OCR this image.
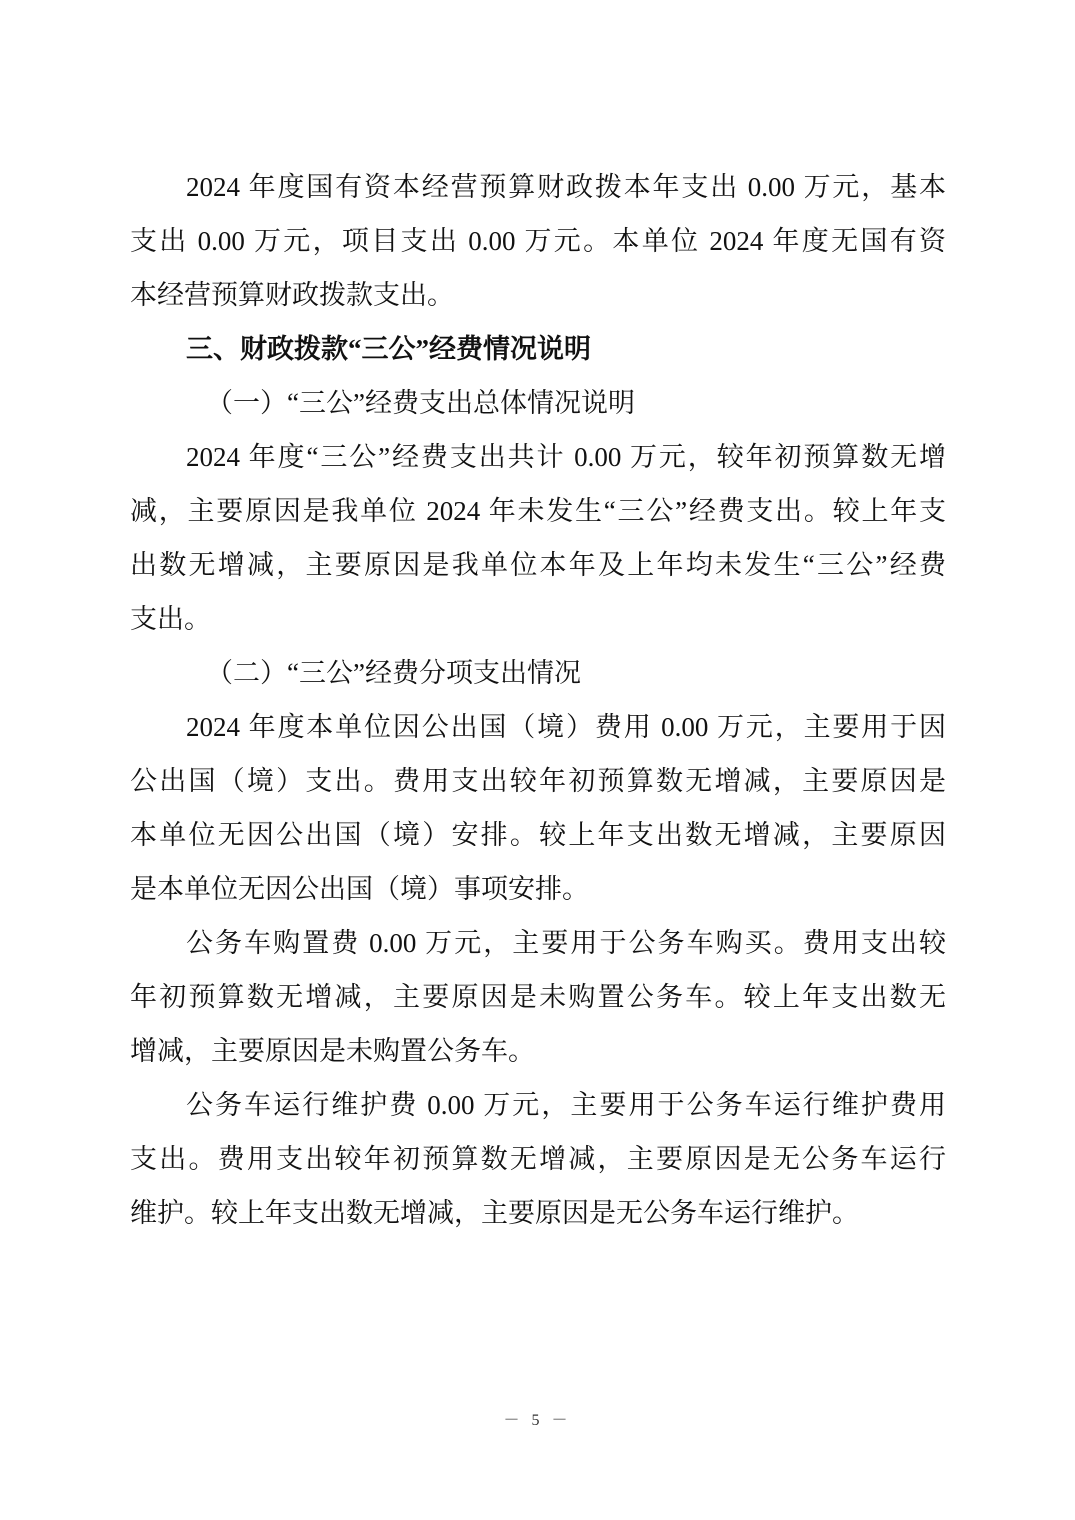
2024 年度国有资本经营预算财政拨本年支出 0.00 万元，基本
支出 0.00 万元，项目支出 0.00 万元。本单位 2024 年度无国有资
本经营预算财政拨款支出。
三、财政拨款“三公”经费情况说明
（一）“三公”经费支出总体情况说明
2024 年度“三公”经费支出共计 0.00 万元，较年初预算数无增
减，主要原因是我单位 2024 年未发生“三公”经费支出。较上年支
出数无增减，主要原因是我单位本年及上年均未发生“三公”经费
支出。
（二）“三公”经费分项支出情况
2024 年度本单位因公出国（境）费用 0.00 万元，主要用于因
公出国（境）支出。费用支出较年初预算数无增减，主要原因是
本单位无因公出国（境）安排。较上年支出数无增减，主要原因
是本单位无因公出国（境）事项安排。
公务车购置费 0.00 万元，主要用于公务车购买。费用支出较
年初预算数无增减，主要原因是未购置公务车。较上年支出数无
增减，主要原因是未购置公务车。
公务车运行维护费 0.00 万元，主要用于公务车运行维护费用
支出。费用支出较年初预算数无增减，主要原因是无公务车运行
维护。较上年支出数无增减，主要原因是无公务车运行维护。
－ 5 －
